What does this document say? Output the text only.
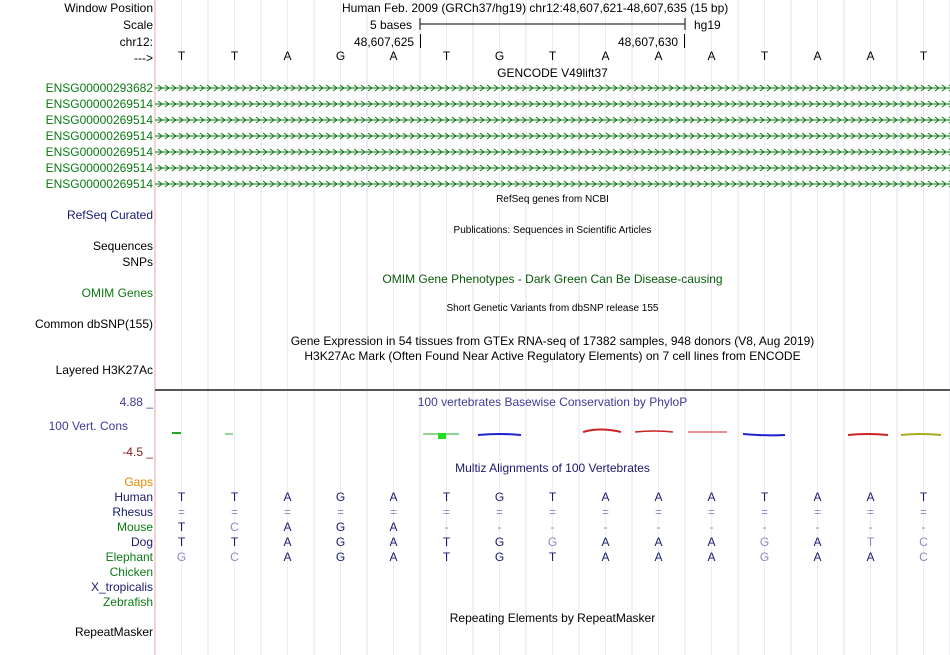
Window Position	Human Feb. 2009 (GRCh37/hg19) chr12:48,607,621-48,607,635 (15 bp)
Scale	5 bases	hg19
chr12:	48,607,625	48,607,630
--->	T	T	A	G	A	T	G	T	A	A	A	T	A	A	T
GENCODE V49lift37
ENSG00000293682
ENSG00000269514
ENSG00000269514
ENSG00000269514
ENSG00000269514
ENSG00000269514
ENSG00000269514
RefSeq genes from NCBI
RefSeq Curated
Publications: Sequences in Scientific Articles
Sequences
SNPs
OMIM Gene Phenotypes - Dark Green Can Be Disease-causing
OMIM Genes
Short Genetic Variants from dbSNP release 155
Common dbSNP(155)
Gene Expression in 54 tissues from GTEx RNA-seq of 17382 samples, 948 donors (V8, Aug 2019)
H3K27Ac Mark (Often Found Near Active Regulatory Elements) on 7 cell lines from ENCODE
Layered H3K27Ac
100 vertebrates Basewise Conservation by PhyloP
4.88 _
100 Vert. Cons
-4.5 _
Multiz Alignments of 100 Vertebrates
Gaps
Human	T	T	A	G	A	T	G	T	A	A	A	T	A	A	T
Rhesus	=	=	=	=	=	=	=	=	=	=	=	=	=	=	=
Mouse	T	C	A	G	A	-	-	-	-	-	-	-	-	-	-
Dog	T	T	A	G	A	T	G	G	A	A	A	G	A	T	C
Elephant	G	C	A	G	A	T	G	T	A	A	A	G	A	A	C
Chicken
X_tropicalis
Zebrafish
Repeating Elements by RepeatMasker
RepeatMasker
